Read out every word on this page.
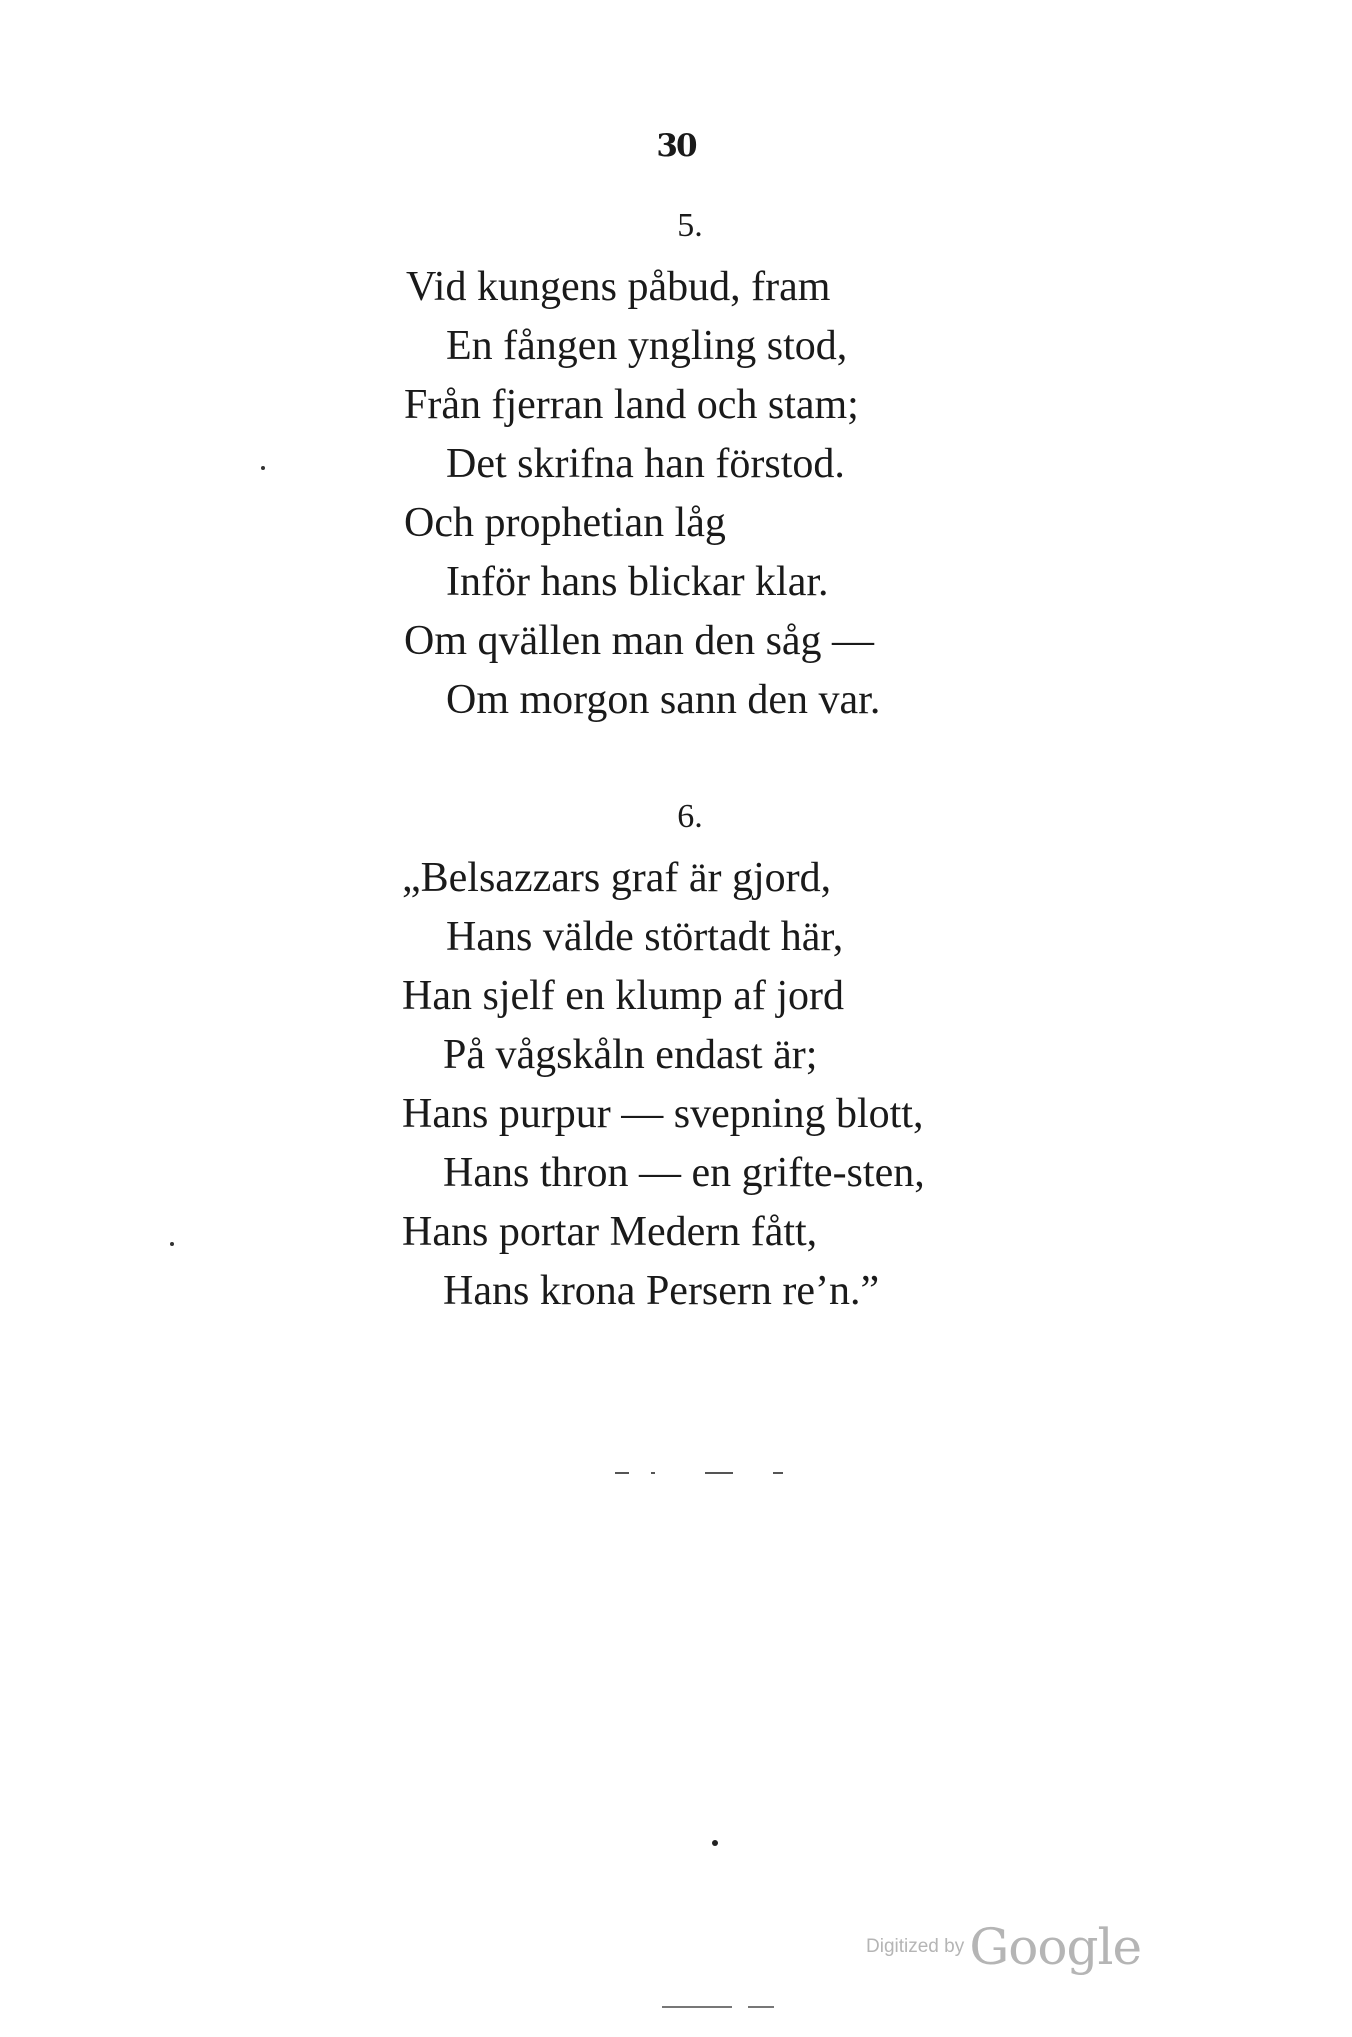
30
5.
Vid kungens påbud, fram
En fången yngling stod,
Från fjerran land och stam;
Det skrifna han förstod.
Och prophetian låg
Inför hans blickar klar.
Om qvällen man den såg —
Om morgon sann den var.
6.
„Belsazzars graf är gjord,
Hans välde störtadt här,
Han sjelf en klump af jord
På vågskåln endast är;
Hans purpur — svepning blott,
Hans thron — en grifte-sten,
Hans portar Medern fått,
Hans krona Persern re’n.”
Digitized by Google
